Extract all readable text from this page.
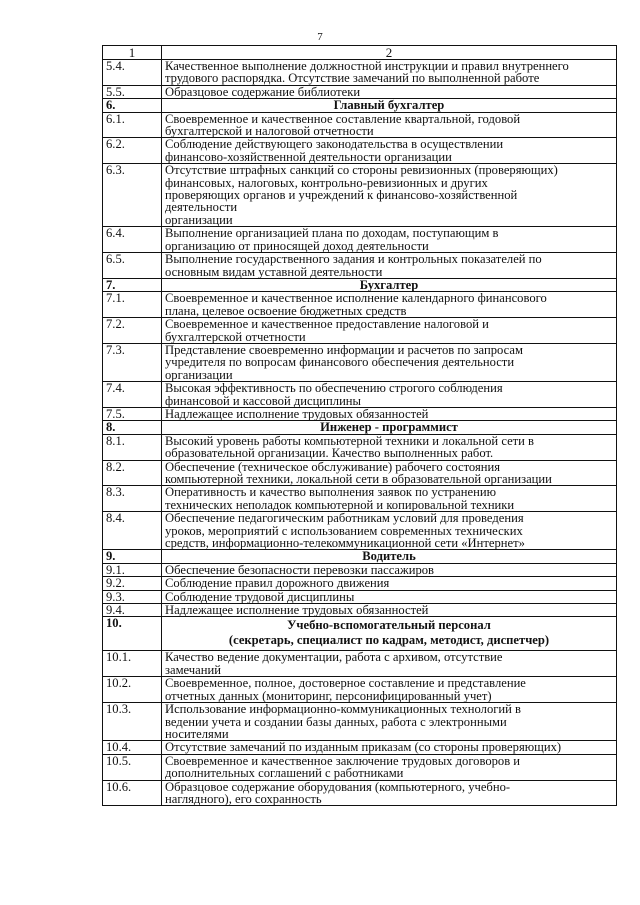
7
1	2
5.4.	Качественное выполнение должностной инструкции и правил внутреннего
трудового распорядка. Отсутствие замечаний по выполненной работе

5.5.	Образцовое содержание библиотеки

6.	Главный бухгалтер

6.1.	Своевременное и качественное составление квартальной, годовой
бухгалтерской и налоговой отчетности

6.2.	Соблюдение действующего законодательства в осуществлении
финансово-хозяйственной деятельности организации

6.3.	Отсутствие штрафных санкций со стороны ревизионных (проверяющих)
финансовых, налоговых, контрольно-ревизионных и других
проверяющих органов и учреждений к финансово-хозяйственной
деятельности
организации

6.4.	Выполнение организацией плана по доходам, поступающим в
организацию от приносящей доход деятельности

6.5.	Выполнение государственного задания и контрольных показателей по
основным видам уставной деятельности

7.	Бухгалтер

7.1.	Своевременное и качественное исполнение календарного финансового
плана, целевое освоение бюджетных средств

7.2.	Своевременное и качественное предоставление налоговой и
бухгалтерской отчетности

7.3.	Представление своевременно информации и расчетов по запросам
учредителя по вопросам финансового обеспечения деятельности
организации

7.4.	Высокая эффективность по обеспечению строгого соблюдения
финансовой и кассовой дисциплины

7.5.	Надлежащее исполнение трудовых обязанностей

8.	Инженер - программист

8.1.	Высокий уровень работы компьютерной техники и локальной сети в
образовательной организации. Качество выполненных работ.

8.2.	Обеспечение (техническое обслуживание) рабочего состояния
компьютерной техники, локальной сети в образовательной организации

8.3.	Оперативность и качество выполнения заявок по устранению
технических неполадок компьютерной и копировальной техники

8.4.	Обеспечение педагогическим работникам условий для проведения
уроков, мероприятий с использованием современных технических
средств, информационно-телекоммуникационной сети «Интернет»

9.	Водитель

9.1.	Обеспечение безопасности перевозки пассажиров

9.2.	Соблюдение правил дорожного движения

9.3.	Соблюдение трудовой дисциплины

9.4.	Надлежащее исполнение трудовых обязанностей

10.	Учебно-вспомогательный персонал
(секретарь, специалист по кадрам, методист, диспетчер)

10.1.	Качество ведение документации, работа с архивом, отсутствие
замечаний

10.2.	Своевременное, полное, достоверное составление и представление
отчетных данных (мониторинг, персонифицированный учет)

10.3.	Использование информационно-коммуникационных технологий в
ведении учета и создании базы данных, работа с электронными
носителями

10.4.	Отсутствие замечаний по изданным приказам (со стороны проверяющих)

10.5.	Своевременное и качественное заключение трудовых договоров и
дополнительных соглашений с работниками

10.6.	Образцовое содержание оборудования (компьютерного, учебно-
наглядного), его сохранность
